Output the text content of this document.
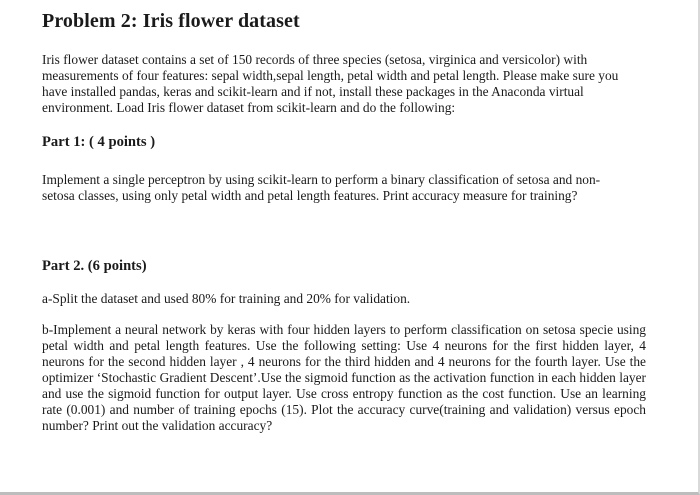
Problem 2: Iris flower dataset
Iris flower dataset contains a set of 150 records of three species (setosa, virginica and versicolor) with measurements of four features: sepal width,sepal length, petal width and petal length. Please make sure you have installed pandas, keras and scikit-learn and if not, install these packages in the Anaconda virtual environment. Load Iris flower dataset from scikit-learn and do the following:
Part 1: ( 4 points )
Implement a single perceptron by using scikit-learn to perform a binary classification of setosa and non-setosa classes, using only petal width and petal length features. Print accuracy measure for training?
Part 2. (6 points)
a-Split the dataset and used 80% for training and 20% for validation.
b-Implement a neural network by keras with four hidden layers to perform classification on setosa specie using petal width and petal length features. Use the following setting: Use 4 neurons for the first hidden layer, 4 neurons for the second hidden layer , 4 neurons for the third hidden and 4 neurons for the fourth layer. Use the optimizer ‘Stochastic Gradient Descent’.Use the sigmoid function as the activation function in each hidden layer and use the sigmoid function for output layer. Use cross entropy function as the cost function. Use an learning rate (0.001) and number of training epochs (15). Plot the accuracy curve(training and validation) versus epoch number? Print out the validation accuracy?
